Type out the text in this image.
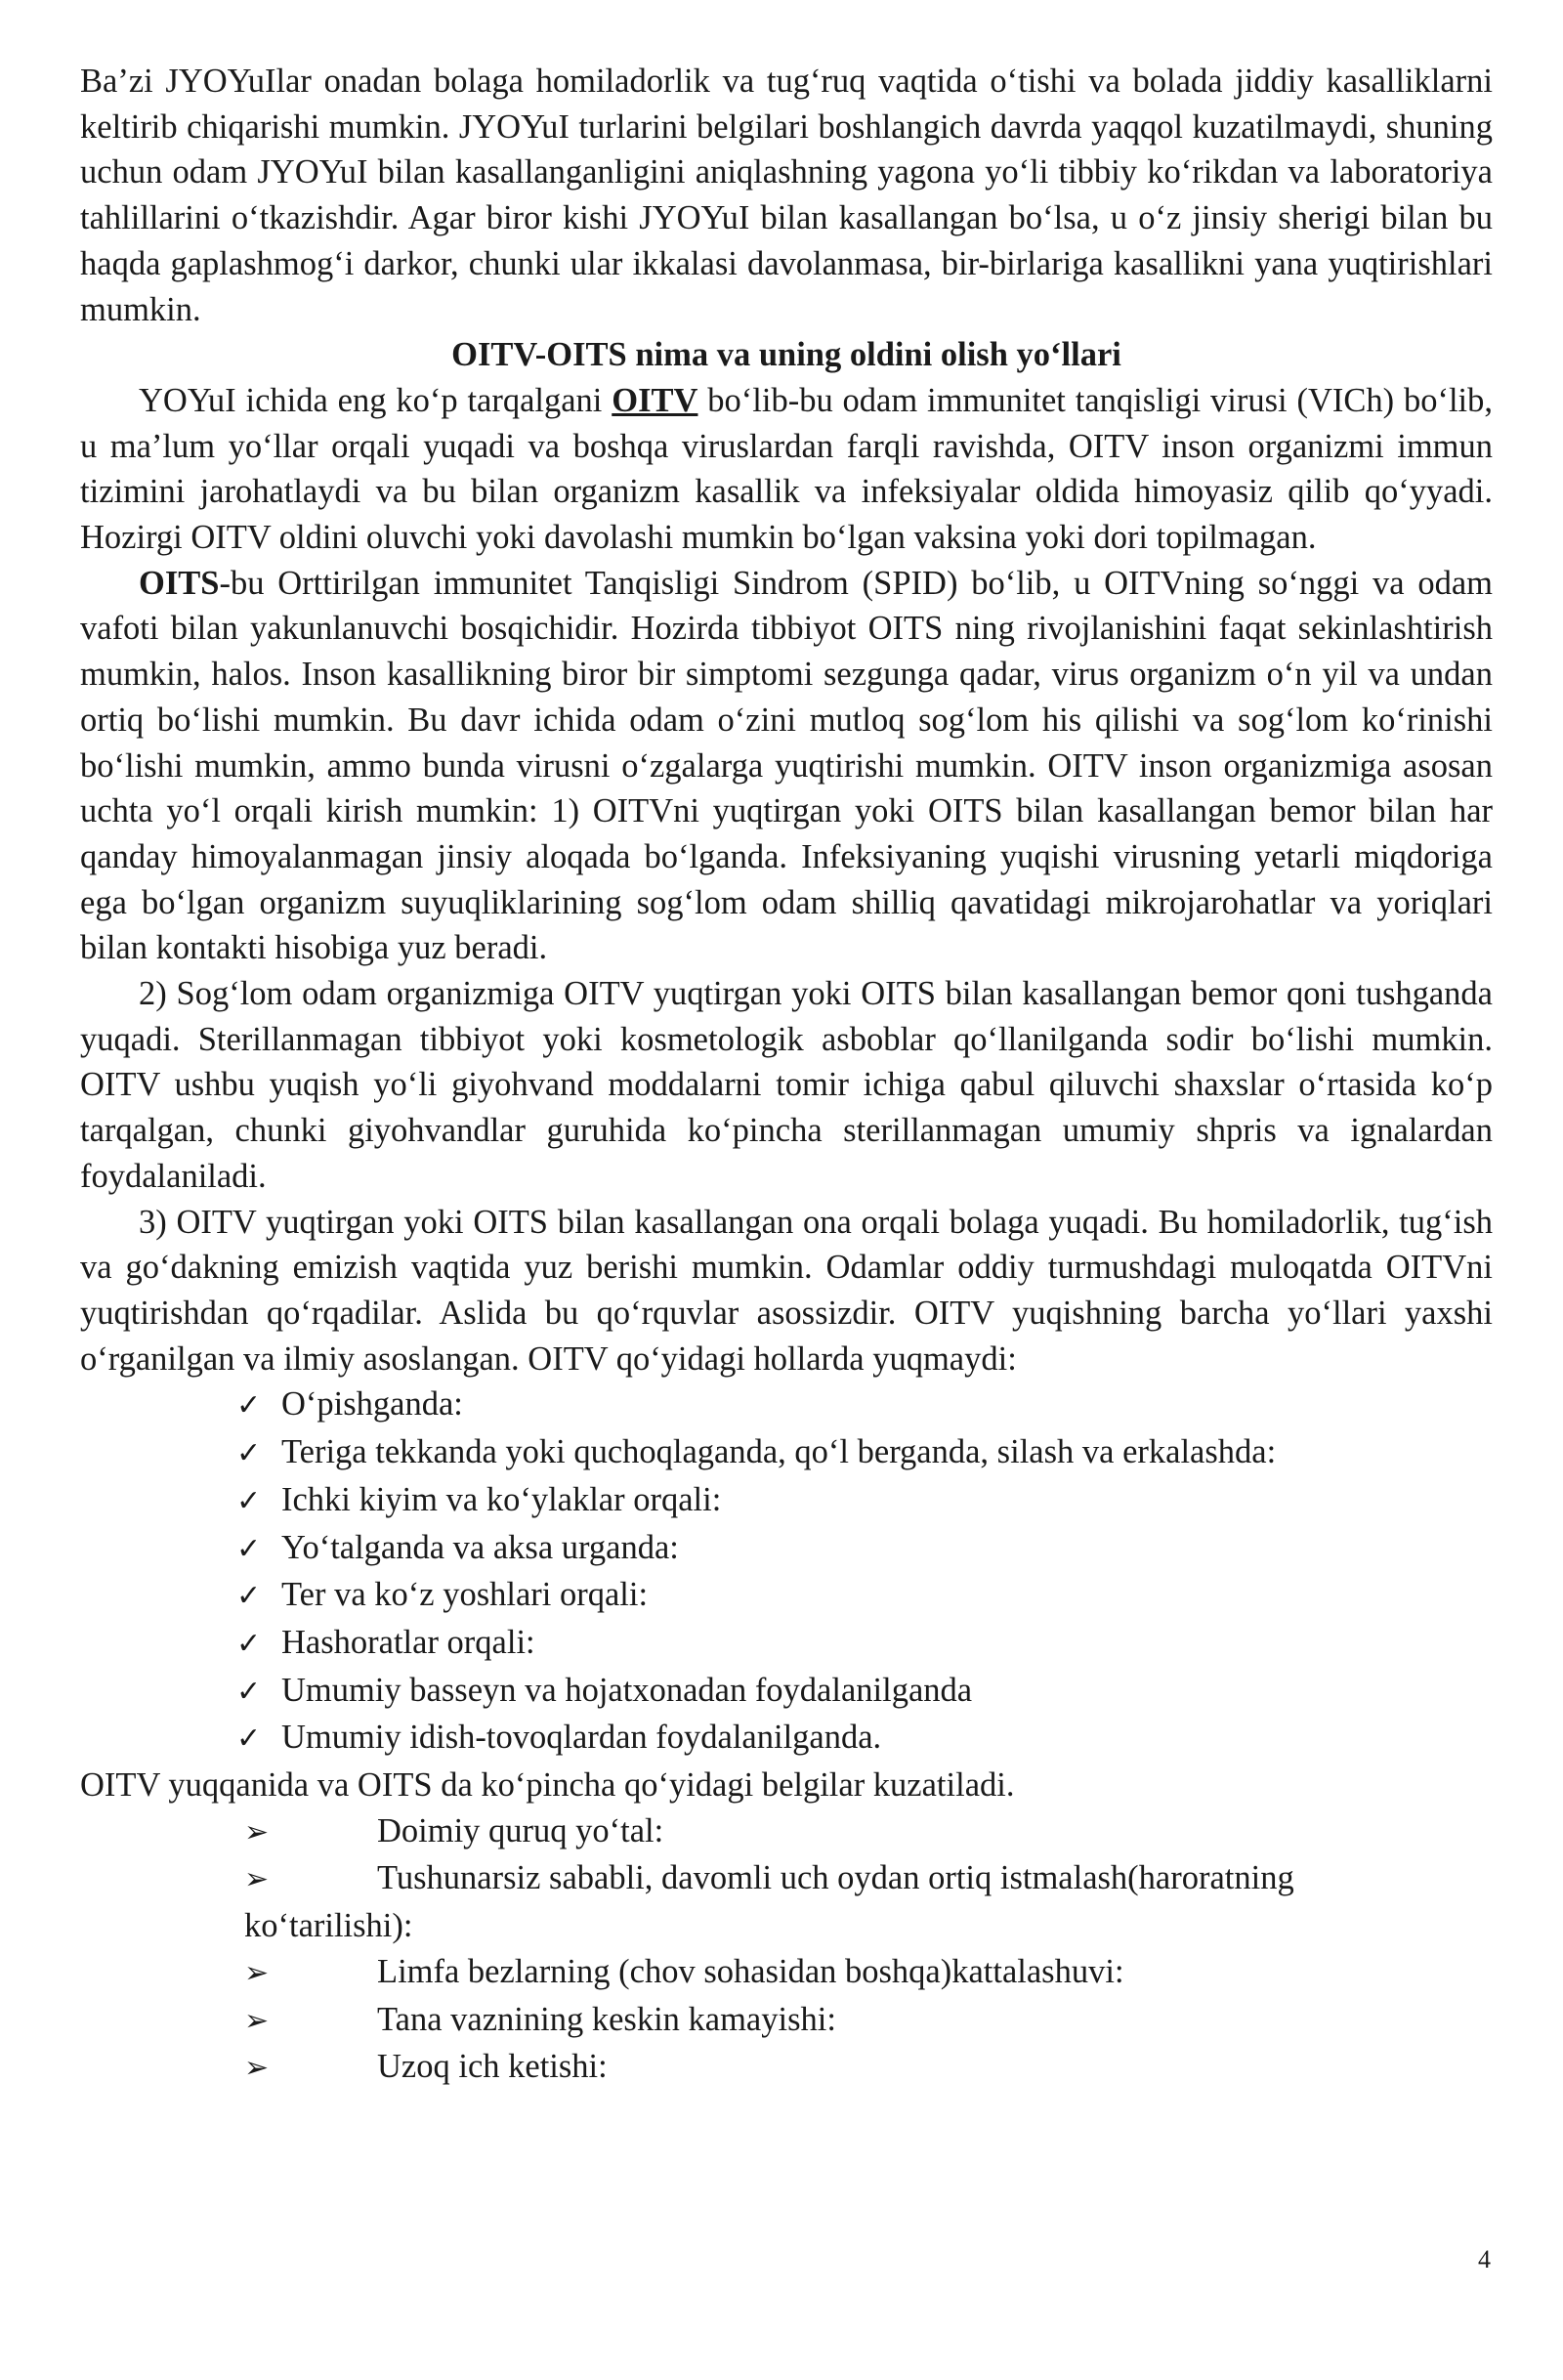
Ba’zi JYOYuIlar onadan bolaga homiladorlik va tug‘ruq vaqtida o‘tishi va bolada jiddiy kasalliklarni keltirib chiqarishi mumkin. JYOYuI turlarini belgilari boshlangich davrda yaqqol kuzatilmaydi, shuning uchun odam JYOYuI bilan kasallanganligini aniqlashning yagona yo‘li tibbiy ko‘rikdan va laboratoriya tahlillarini o‘tkazishdir. Agar biror kishi JYOYuI bilan kasallangan bo‘lsa, u o‘z jinsiy sherigi bilan bu haqda gaplashmog‘i darkor, chunki ular ikkalasi davolanmasa, bir-birlariga kasallikni yana yuqtirishlari mumkin.

OITV-OITS nima va uning oldini olish yo‘llari

YOYuI ichida eng ko‘p tarqalgani OITV bo‘lib-bu odam immunitet tanqisligi virusi (VICh) bo‘lib, u ma’lum yo‘llar orqali yuqadi va boshqa viruslardan farqli ravishda, OITV inson organizmi immun tizimini jarohatlaydi va bu bilan organizm kasallik va infeksiyalar oldida himoyasiz qilib qo‘yyadi. Hozirgi OITV oldini oluvchi yoki davolashi mumkin bo‘lgan vaksina yoki dori topilmagan.

OITS-bu Orttirilgan immunitet Tanqisligi Sindrom (SPID) bo‘lib, u OITVning so‘nggi va odam vafoti bilan yakunlanuvchi bosqichidir. Hozirda tibbiyot OITS ning rivojlanishini faqat sekinlashtirish mumkin, halos. Inson kasallikning biror bir simptomi sezgunga qadar, virus organizm o‘n yil va undan ortiq bo‘lishi mumkin. Bu davr ichida odam o‘zini mutloq sog‘lom his qilishi va sog‘lom ko‘rinishi bo‘lishi mumkin, ammo bunda virusni o‘zgalarga yuqtirishi mumkin. OITV inson organizmiga asosan uchta yo‘l orqali kirish mumkin: 1) OITVni yuqtirgan yoki OITS bilan kasallangan bemor bilan har qanday himoyalanmagan jinsiy aloqada bo‘lganda. Infeksiyaning yuqishi virusning yetarli miqdoriga ega bo‘lgan organizm suyuqliklarining sog‘lom odam shilliq qavatidagi mikrojarohatlar va yoriqlari bilan kontakti hisobiga yuz beradi.

2) Sog‘lom odam organizmiga OITV yuqtirgan yoki OITS bilan kasallangan bemor qoni tushganda yuqadi. Sterillanmagan tibbiyot yoki kosmetologik asboblar qo‘llanilganda sodir bo‘lishi mumkin. OITV ushbu yuqish yo‘li giyohvand moddalarni tomir ichiga qabul qiluvchi shaxslar o‘rtasida ko‘p tarqalgan, chunki giyohvandlar guruhida ko‘pincha sterillanmagan umumiy shpris va ignalardan foydalaniladi.

3) OITV yuqtirgan yoki OITS bilan kasallangan ona orqali bolaga yuqadi. Bu homiladorlik, tug‘ish va go‘dakning emizish vaqtida yuz berishi mumkin. Odamlar oddiy turmushdagi muloqatda OITVni yuqtirishdan qo‘rqadilar. Aslida bu qo‘rquvlar asossizdir. OITV yuqishning barcha yo‘llari yaxshi o‘rganilgan va ilmiy asoslangan. OITV qo‘yidagi hollarda yuqmaydi:

✓ O‘pishganda:
✓ Teriga tekkanda yoki quchoqlaganda, qo‘l berganda, silash va erkalashda:
✓ Ichki kiyim va ko‘ylaklar orqali:
✓ Yo‘talganda va aksa urganda:
✓ Ter va ko‘z yoshlari orqali:
✓ Hashoratlar orqali:
✓ Umumiy basseyn va hojatxonadan foydalanilganda
✓ Umumiy idish-tovoqlardan foydalanilganda.

OITV yuqqanida va OITS da ko‘pincha qo‘yidagi belgilar kuzatiladi.

➢	Doimiy quruq yo‘tal:
➢	Tushunarsiz sababli, davomli uch oydan ortiq istmalash(haroratning
ko‘tarilishi):
➢	Limfa bezlarning (chov sohasidan boshqa)kattalashuvi:
➢	Tana vaznining keskin kamayishi:
➢	Uzoq ich ketishi:
4
